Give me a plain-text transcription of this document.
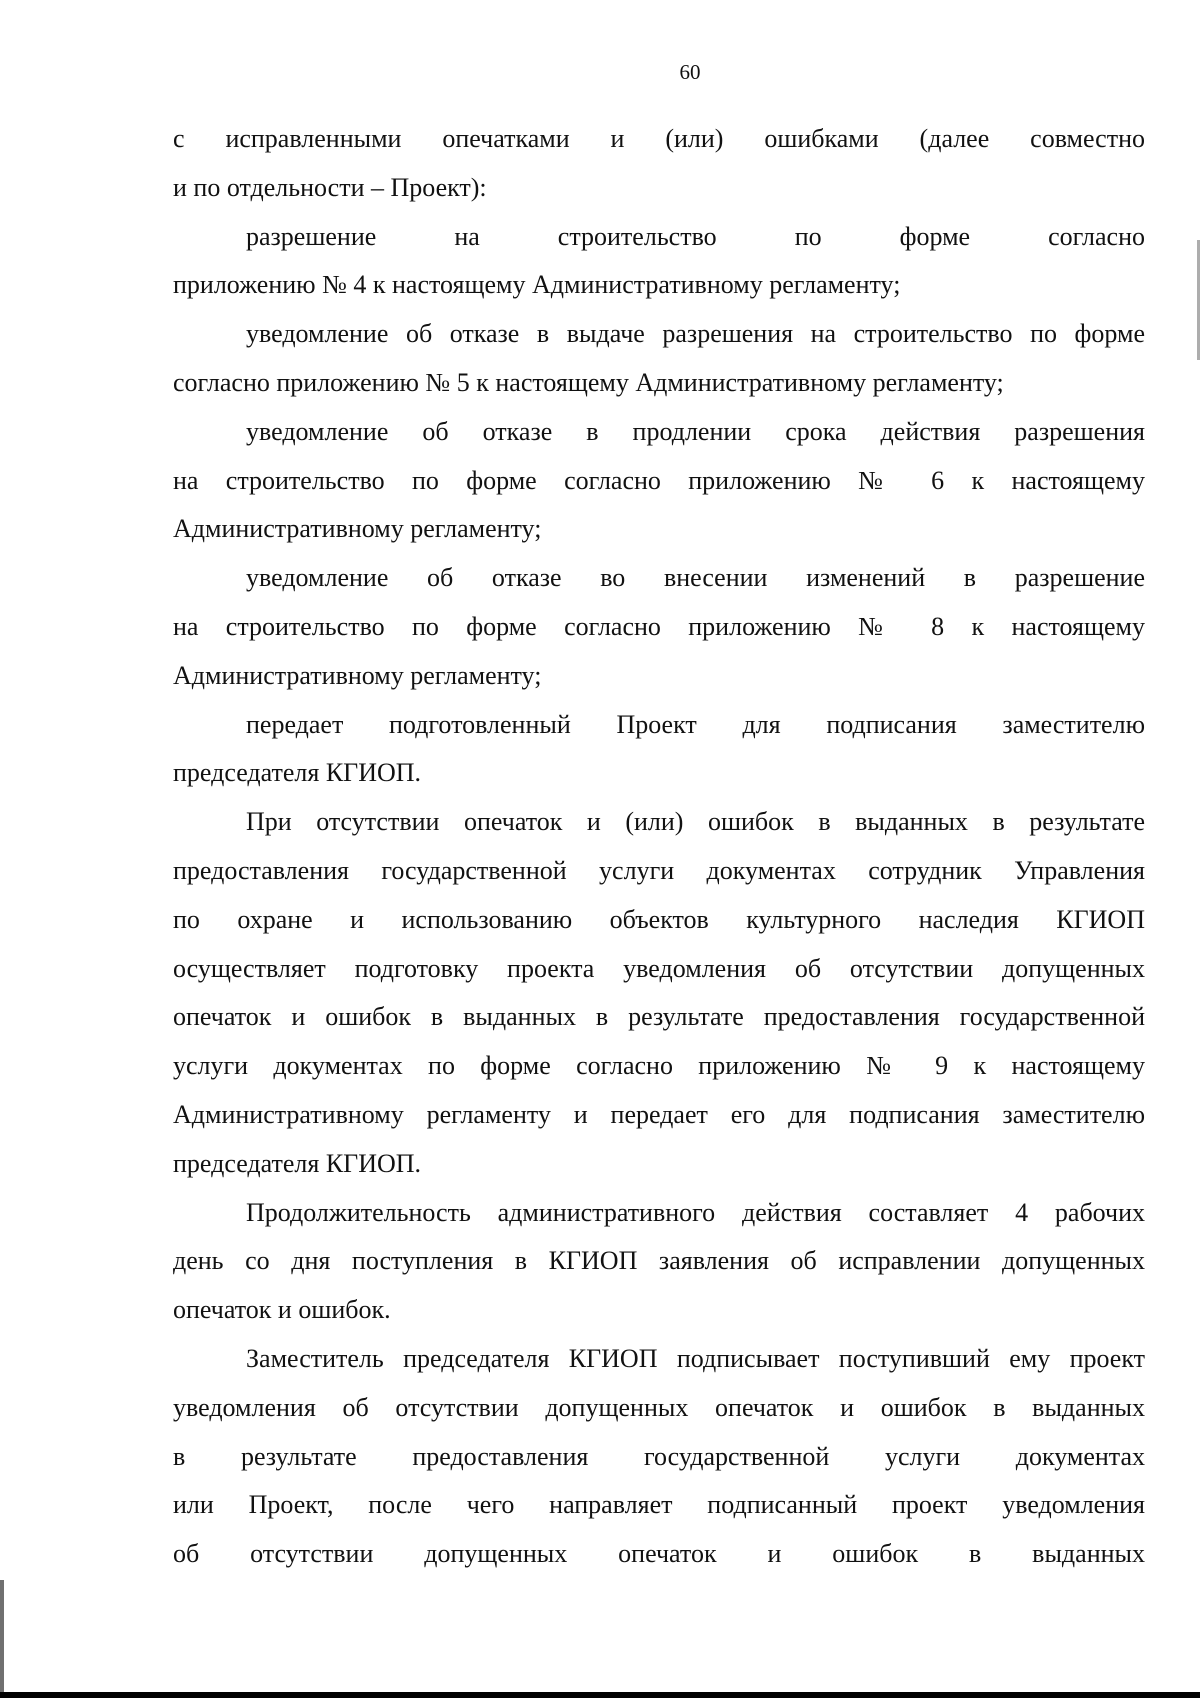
60
с исправленными опечатками и (или) ошибками (далее совместно
и по отдельности – Проект):
разрешение на строительство по форме согласно
приложению № 4 к настоящему Административному регламенту;
уведомление об отказе в выдаче разрешения на строительство по форме
согласно приложению № 5 к настоящему Административному регламенту;
уведомление об отказе в продлении срока действия разрешения
на строительство по форме согласно приложению № 6 к настоящему
Административному регламенту;
уведомление об отказе во внесении изменений в разрешение
на строительство по форме согласно приложению № 8 к настоящему
Административному регламенту;
передает подготовленный Проект для подписания заместителю
председателя КГИОП.
При отсутствии опечаток и (или) ошибок в выданных в результате
предоставления государственной услуги документах сотрудник Управления
по охране и использованию объектов культурного наследия КГИОП
осуществляет подготовку проекта уведомления об отсутствии допущенных
опечаток и ошибок в выданных в результате предоставления государственной
услуги документах по форме согласно приложению № 9 к настоящему
Административному регламенту и передает его для подписания заместителю
председателя КГИОП.
Продолжительность административного действия составляет 4 рабочих
день со дня поступления в КГИОП заявления об исправлении допущенных
опечаток и ошибок.
Заместитель председателя КГИОП подписывает поступивший ему проект
уведомления об отсутствии допущенных опечаток и ошибок в выданных
в результате предоставления государственной услуги документах
или Проект, после чего направляет подписанный проект уведомления
об отсутствии допущенных опечаток и ошибок в выданных
